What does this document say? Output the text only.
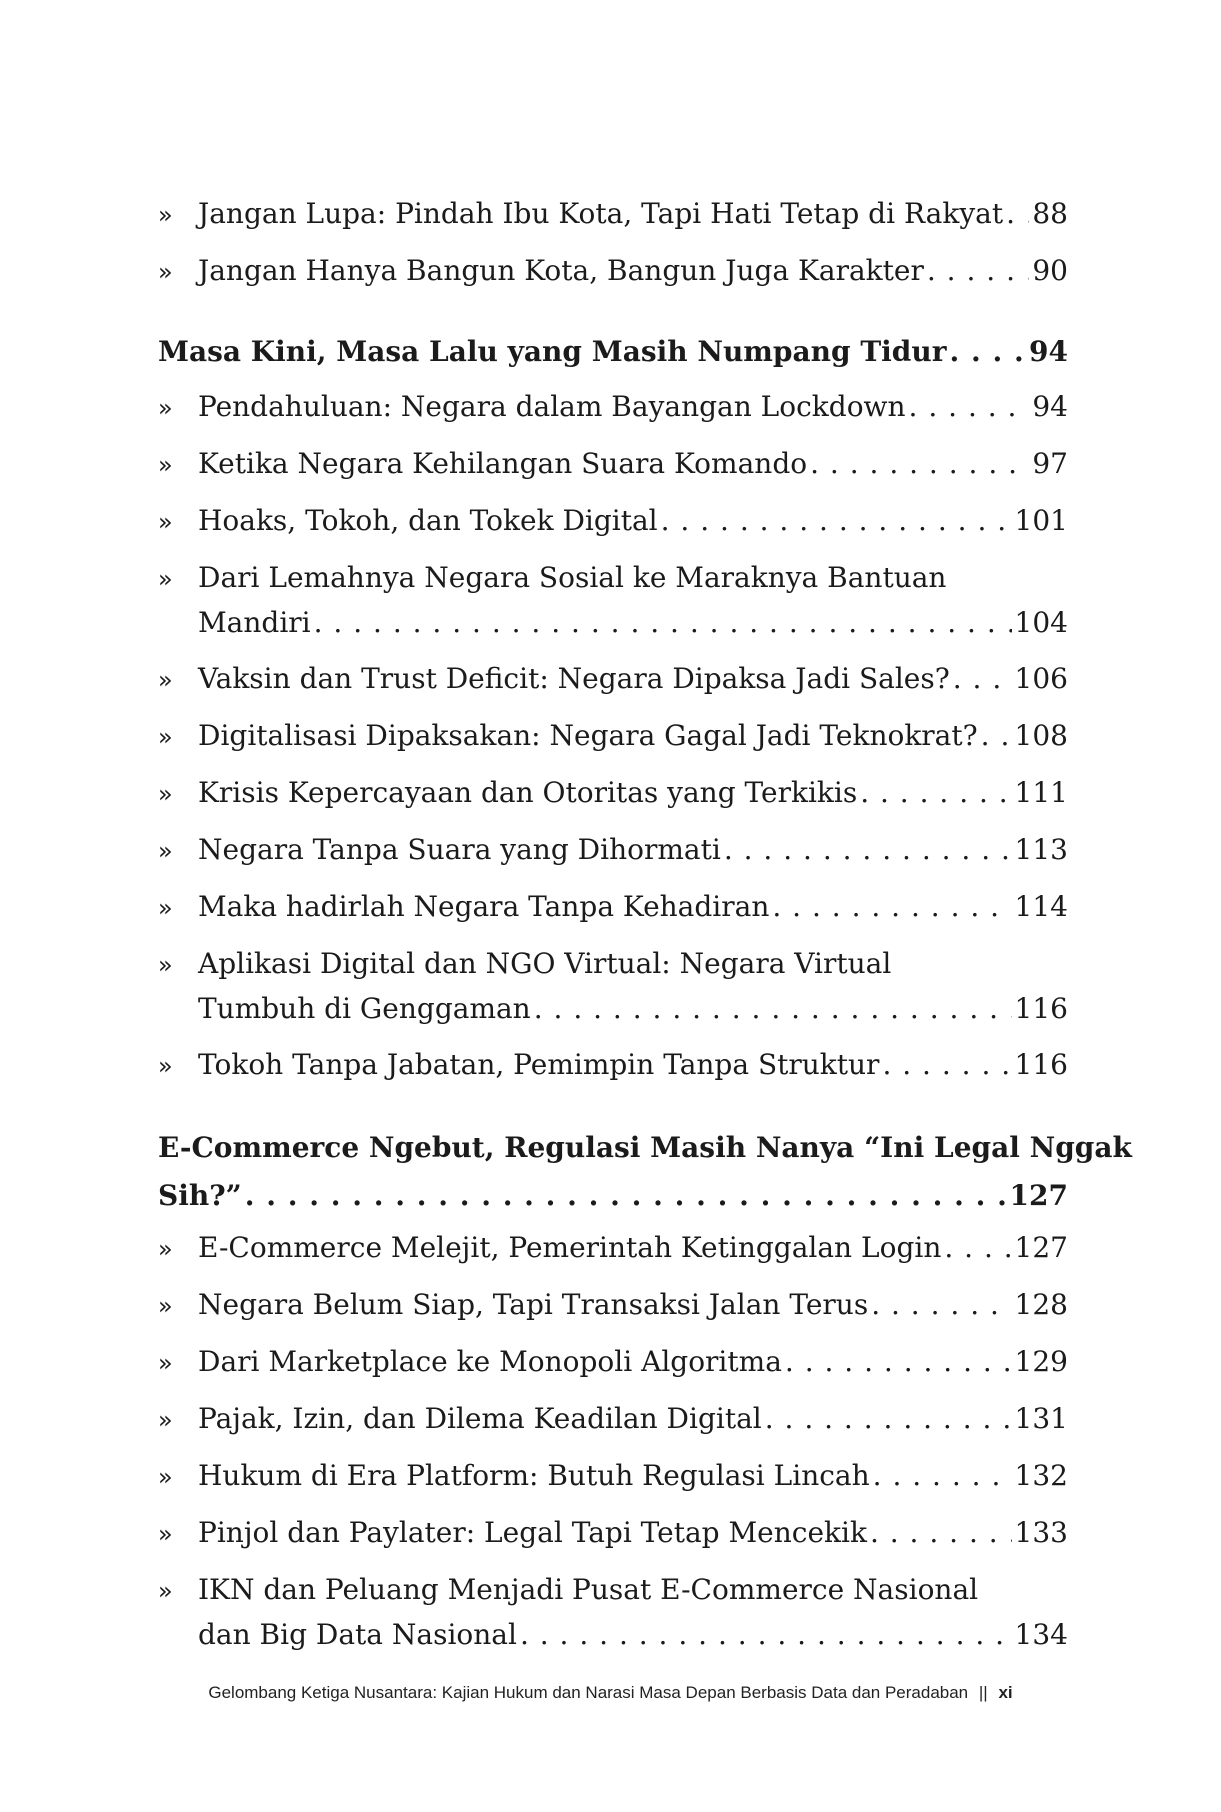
» Jangan Lupa: Pindah Ibu Kota, Tapi Hati Tetap di Rakyat . . . 88
» Jangan Hanya Bangun Kota, Bangun Juga Karakter . . .	90
Masa Kini, Masa Lalu yang Masih Numpang Tidur . . .	94
» Pendahuluan: Negara dalam Bayangan Lockdown . . .	94
» Ketika Negara Kehilangan Suara Komando . . .	97
» Hoaks, Tokoh, dan Tokek Digital . . .	101
» Dari Lemahnya Negara Sosial ke Maraknya Bantuan
Mandiri . . .	104
» Vaksin dan Trust Deficit: Negara Dipaksa Jadi Sales? . . . 106
» Digitalisasi Dipaksakan: Negara Gagal Jadi Teknokrat? . . . 108
» Krisis Kepercayaan dan Otoritas yang Terkikis . . .	111
» Negara Tanpa Suara yang Dihormati . . .	113
» Maka hadirlah Negara Tanpa Kehadiran . . .	114
» Aplikasi Digital dan NGO Virtual: Negara Virtual
Tumbuh di Genggaman . . .	116
» Tokoh Tanpa Jabatan, Pemimpin Tanpa Struktur . . .	116
E-Commerce Ngebut, Regulasi Masih Nanya “Ini Legal Nggak
Sih?” . . .	127
» E-Commerce Melejit, Pemerintah Ketinggalan Login . . .	127
» Negara Belum Siap, Tapi Transaksi Jalan Terus . . .	128
» Dari Marketplace ke Monopoli Algoritma . . .	129
» Pajak, Izin, dan Dilema Keadilan Digital . . .	131
» Hukum di Era Platform: Butuh Regulasi Lincah . . .	132
» Pinjol dan Paylater: Legal Tapi Tetap Mencekik . . .	133
» IKN dan Peluang Menjadi Pusat E-Commerce Nasional
dan Big Data Nasional . . .	134
Gelombang Ketiga Nusantara: Kajian Hukum dan Narasi Masa Depan Berbasis Data dan Peradaban || xi
